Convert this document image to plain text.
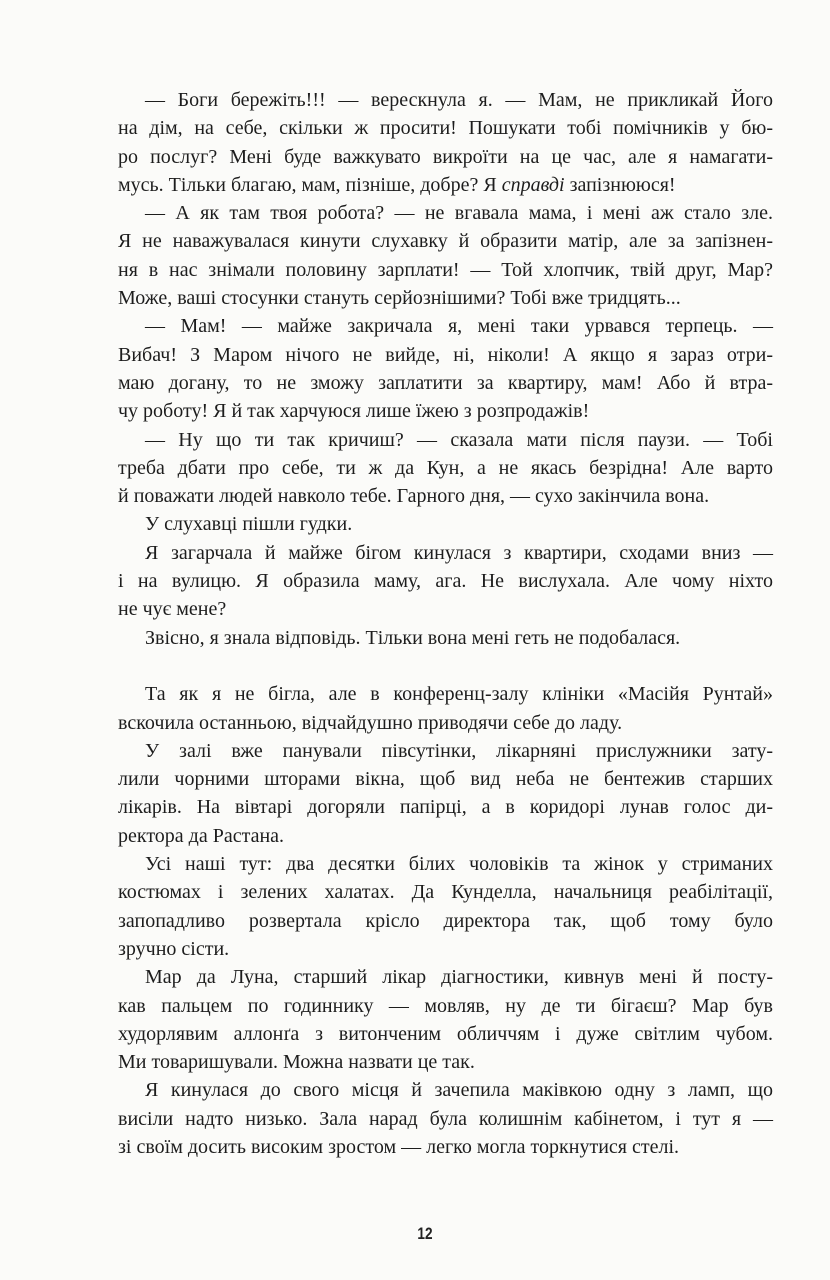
— Боги бережіть!!! — верескнула я. — Мам, не прикликай Його
на дім, на себе, скільки ж просити! Пошукати тобі помічників у бю-
ро послуг? Мені буде важкувато викроїти на це час, але я намагати-
мусь. Тільки благаю, мам, пізніше, добре? Я справді запізнююся!
— А як там твоя робота? — не вгавала мама, і мені аж стало зле.
Я не наважувалася кинути слухавку й образити матір, але за запізнен-
ня в нас знімали половину зарплати! — Той хлопчик, твій друг, Мар?
Може, ваші стосунки стануть серйознішими? Тобі вже тридцять...
— Мам! — майже закричала я, мені таки урвався терпець. —
Вибач! З Маром нічого не вийде, ні, ніколи! А якщо я зараз отри-
маю догану, то не зможу заплатити за квартиру, мам! Або й втра-
чу роботу! Я й так харчуюся лише їжею з розпродажів!
— Ну що ти так кричиш? — сказала мати після паузи. — Тобі
треба дбати про себе, ти ж да Кун, а не якась безрідна! Але варто
й поважати людей навколо тебе. Гарного дня, — сухо закінчила вона.
У слухавці пішли гудки.
Я загарчала й майже бігом кинулася з квартири, сходами вниз —
і на вулицю. Я образила маму, ага. Не вислухала. Але чому ніхто
не чує мене?
Звісно, я знала відповідь. Тільки вона мені геть не подобалася.
Та як я не бігла, але в конференц-залу клініки «Масійя Рунтай»
вскочила останньою, відчайдушно приводячи себе до ладу.
У залі вже панували півсутінки, лікарняні прислужники зату-
лили чорними шторами вікна, щоб вид неба не бентежив старших
лікарів. На вівтарі догоряли папірці, а в коридорі лунав голос ди-
ректора да Растана.
Усі наші тут: два десятки білих чоловіків та жінок у стриманих
костюмах і зелених халатах. Да Кунделла, начальниця реабілітації,
запопадливо розвертала крісло директора так, щоб тому було
зручно сісти.
Мар да Луна, старший лікар діагностики, кивнув мені й посту-
кав пальцем по годиннику — мовляв, ну де ти бігаєш? Мар був
худорлявим аллонґа з витонченим обличчям і дуже світлим чубом.
Ми товаришували. Можна назвати це так.
Я кинулася до свого місця й зачепила маківкою одну з ламп, що
висіли надто низько. Зала нарад була колишнім кабінетом, і тут я —
зі своїм досить високим зростом — легко могла торкнутися стелі.
12
